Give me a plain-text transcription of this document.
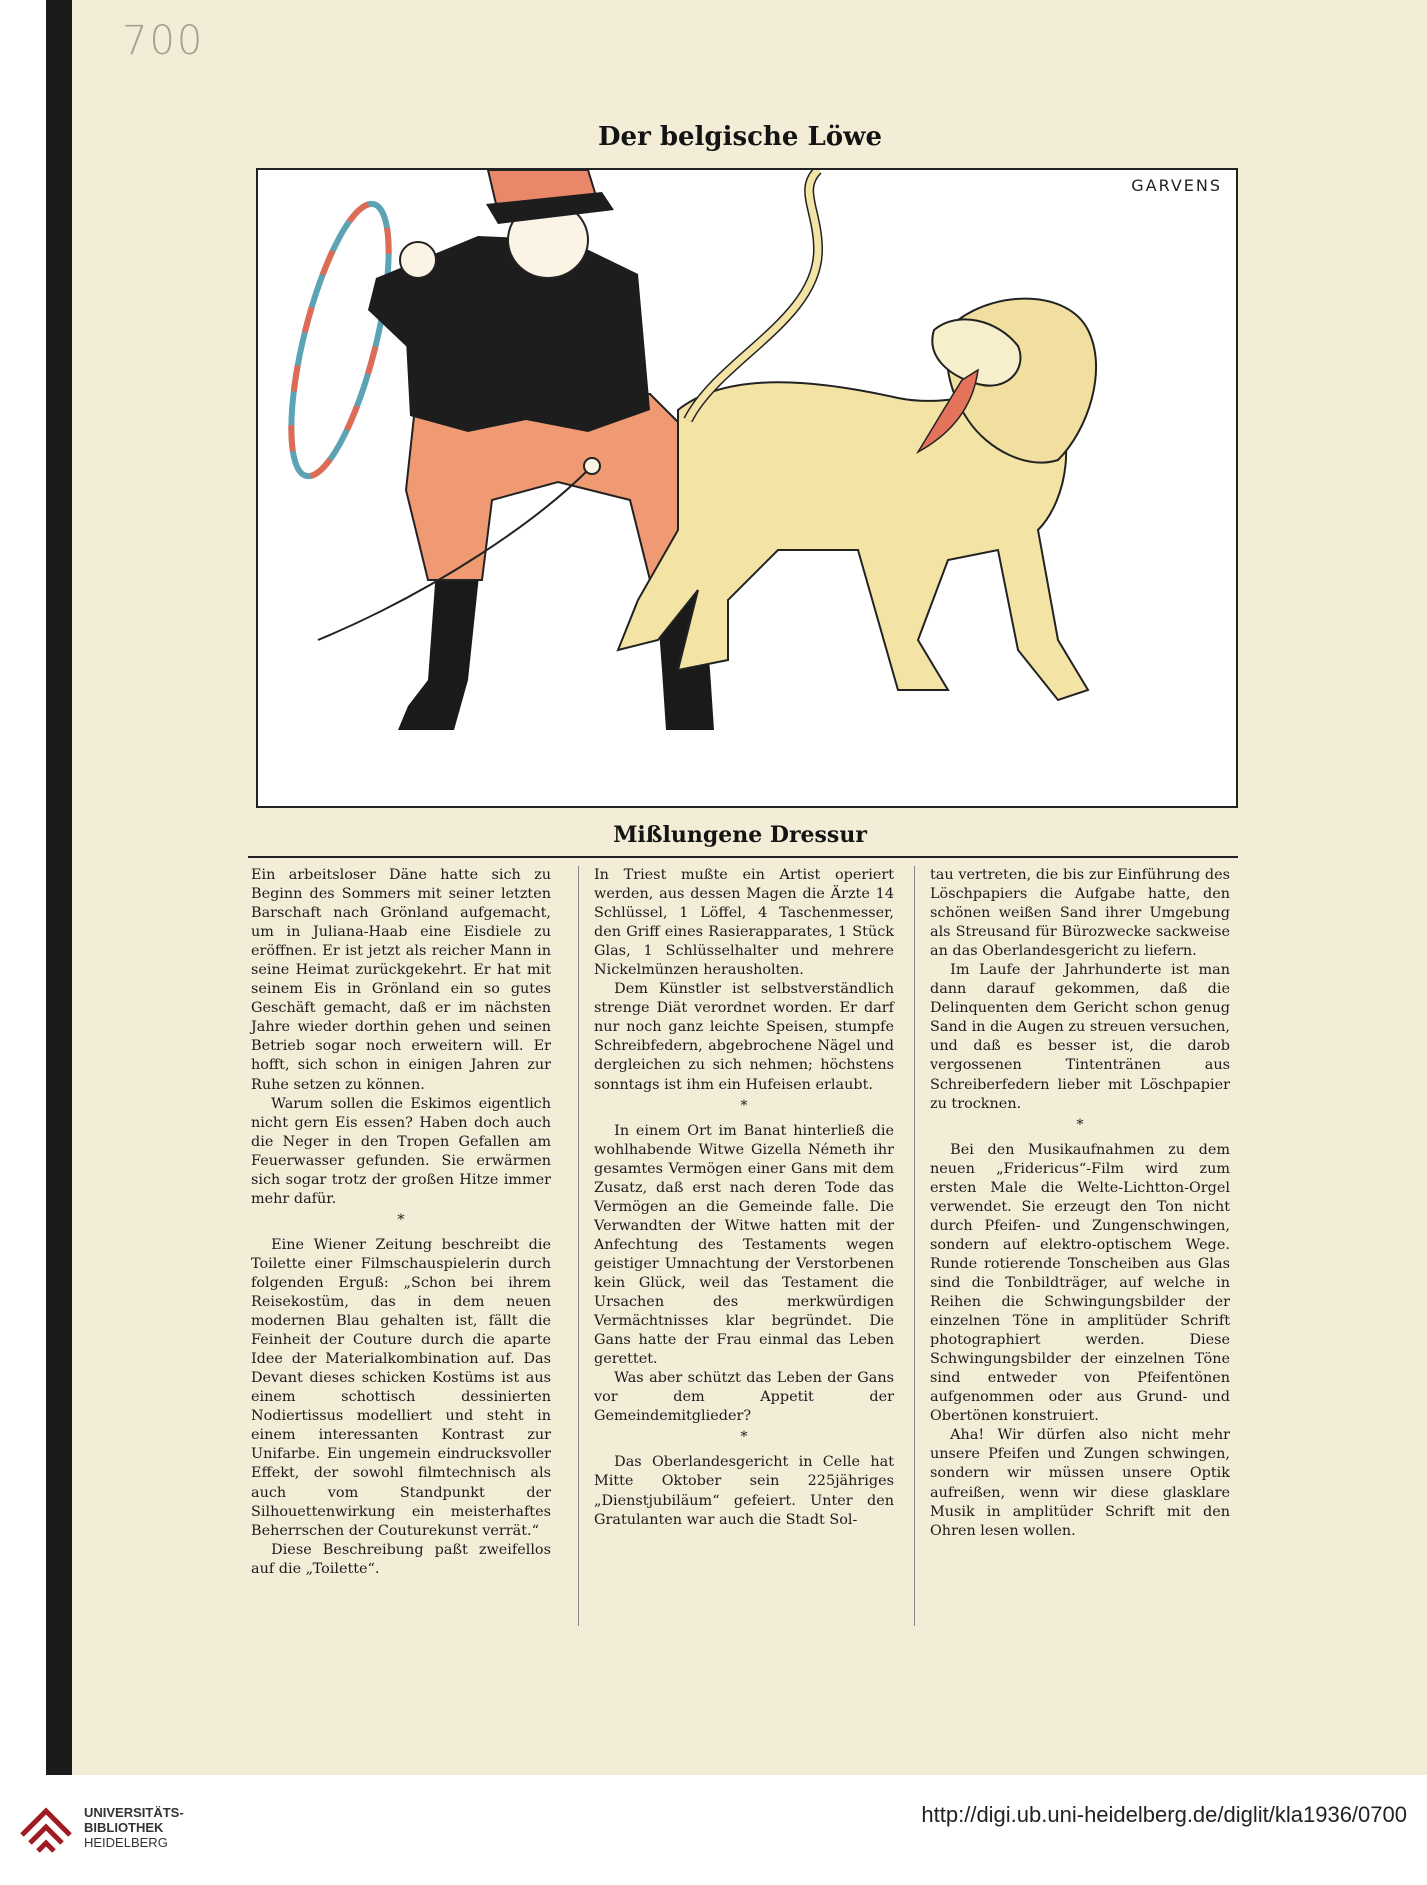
700
Der belgische Löwe
GARVENS
Mißlungene Dressur

Ein arbeitsloser Däne hatte sich zu Beginn des Sommers mit seiner letzten Barschaft nach Grönland aufgemacht, um in Juliana-Haab eine Eisdiele zu eröffnen. Er ist jetzt als reicher Mann in seine Heimat zurückgekehrt. Er hat mit seinem Eis in Grönland ein so gutes Geschäft gemacht, daß er im nächsten Jahre wieder dorthin gehen und seinen Betrieb sogar noch erweitern will. Er hofft, sich schon in einigen Jahren zur Ruhe setzen zu können.

Warum sollen die Eskimos eigentlich nicht gern Eis essen? Haben doch auch die Neger in den Tropen Gefallen am Feuerwasser gefunden. Sie erwärmen sich sogar trotz der großen Hitze immer mehr dafür.

*

Eine Wiener Zeitung beschreibt die Toilette einer Filmschauspielerin durch folgenden Erguß: „Schon bei ihrem Reisekostüm, das in dem neuen modernen Blau gehalten ist, fällt die Feinheit der Couture durch die aparte Idee der Materialkombination auf. Das Devant dieses schicken Kostüms ist aus einem schottisch dessinierten Nodiertissus modelliert und steht in einem interessanten Kontrast zur Unifarbe. Ein ungemein eindrucksvoller Effekt, der sowohl filmtechnisch als auch vom Standpunkt der Silhouettenwirkung ein meisterhaftes Beherrschen der Couturekunst verrät.“

Diese Beschreibung paßt zweifellos auf die „Toilette“.

In Triest mußte ein Artist operiert werden, aus dessen Magen die Ärzte 14 Schlüssel, 1 Löffel, 4 Taschenmesser, den Griff eines Rasierapparates, 1 Stück Glas, 1 Schlüsselhalter und mehrere Nickelmünzen herausholten.

Dem Künstler ist selbstverständlich strenge Diät verordnet worden. Er darf nur noch ganz leichte Speisen, stumpfe Schreibfedern, abgebrochene Nägel und dergleichen zu sich nehmen; höchstens sonntags ist ihm ein Hufeisen erlaubt.

*

In einem Ort im Banat hinterließ die wohlhabende Witwe Gizella Németh ihr gesamtes Vermögen einer Gans mit dem Zusatz, daß erst nach deren Tode das Vermögen an die Gemeinde falle. Die Verwandten der Witwe hatten mit der Anfechtung des Testaments wegen geistiger Umnachtung der Verstorbenen kein Glück, weil das Testament die Ursachen des merkwürdigen Vermächtnisses klar begründet. Die Gans hatte der Frau einmal das Leben gerettet.

Was aber schützt das Leben der Gans vor dem Appetit der Gemeindemitglieder?

*

Das Oberlandesgericht in Celle hat Mitte Oktober sein 225jähriges „Dienstjubiläum“ gefeiert. Unter den Gratulanten war auch die Stadt Sol-

tau vertreten, die bis zur Einführung des Löschpapiers die Aufgabe hatte, den schönen weißen Sand ihrer Umgebung als Streusand für Bürozwecke sackweise an das Oberlandesgericht zu liefern.

Im Laufe der Jahrhunderte ist man dann darauf gekommen, daß die Delinquenten dem Gericht schon genug Sand in die Augen zu streuen versuchen, und daß es besser ist, die darob vergossenen Tintentränen aus Schreiberfedern lieber mit Löschpapier zu trocknen.

*

Bei den Musikaufnahmen zu dem neuen „Fridericus“-Film wird zum ersten Male die Welte-Lichtton-Orgel verwendet. Sie erzeugt den Ton nicht durch Pfeifen- und Zungenschwingen, sondern auf elektro-optischem Wege. Runde rotierende Tonscheiben aus Glas sind die Tonbildträger, auf welche in Reihen die Schwingungsbilder der einzelnen Töne in amplitüder Schrift photographiert werden. Diese Schwingungsbilder der einzelnen Töne sind entweder von Pfeifentönen aufgenommen oder aus Grund- und Obertönen konstruiert.

Aha! Wir dürfen also nicht mehr unsere Pfeifen und Zungen schwingen, sondern wir müssen unsere Optik aufreißen, wenn wir diese glasklare Musik in amplitüder Schrift mit den Ohren lesen wollen.

UNIVERSITÄTS-
BIBLIOTHEK
HEIDELBERG
http://digi.ub.uni-heidelberg.de/diglit/kla1936/0700
